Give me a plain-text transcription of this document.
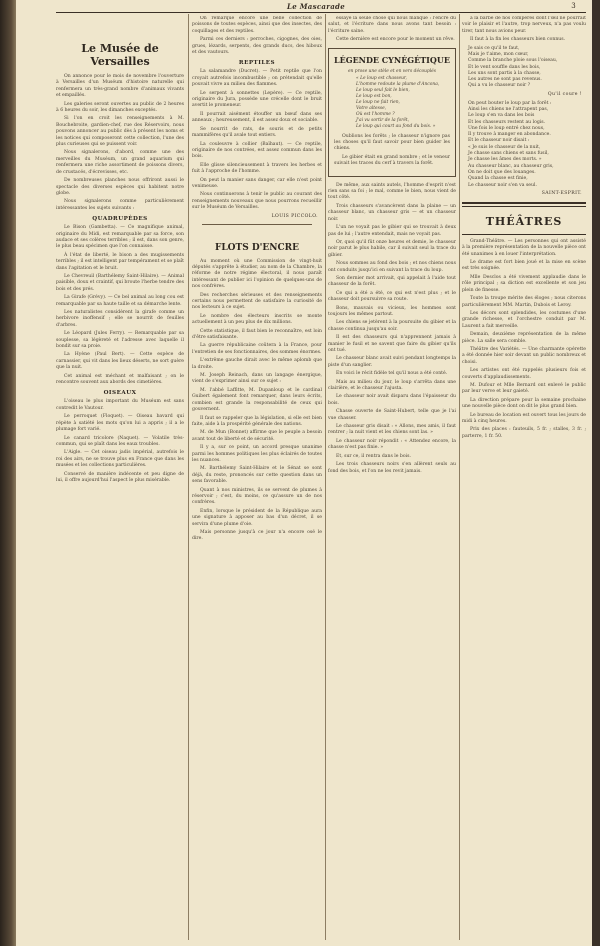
Le Mascarade	3
Le Musée de Versailles

On annonce pour le mois de novembre l'ouverture à Versailles d'un Muséum d'histoire naturelle qui renfermera un très-grand nombre d'animaux vivants et empaillés.

Les galeries seront ouvertes au public de 2 heures à 6 heures du soir, les dimanches exceptés.

Si l'on en croit les renseignements à M. Bouchebroite, gardien-chef, rue des Réservoirs, nous pouvons annoncer au public dès à présent les noms et les notices qui composeront cette collection, l'une des plus curieuses qui se puissent voir.

Nous signalerons, d'abord, comme une des merveilles du Muséum, un grand aquarium qui renfermera une riche assortiment de poissons divers, de crustacés, d'écrevisses, etc.

De nombreuses planches nous offriront aussi le spectacle des diverses espèces qui habitent notre globe.

Nous signalerons comme particulièrement intéressantes les sujets suivants :

QUADRUPÈDES

Le Bison (Gambetta). — Ce magnifique animal, originaire du Midi, est remarquable par sa force, son audace et ses colères terribles ; il est, dans son genre, le plus beau spécimen que l'on connaisse.

À l'état de liberté, le bison a des mugissements terribles ; il est intelligent par tempérament et se plaît dans l'agitation et le bruit.

Le Chevreuil (Barthélemy Saint-Hilaire). — Animal paisible, doux et craintif, qui broute l'herbe tendre des bois et des prés.

La Girafe (Grévy). — Ce bel animal au long cou est remarquable par sa haute taille et sa démarche lente.

Les naturalistes considèrent la girafe comme un herbivore inoffensif ; elle se nourrit de feuilles d'arbres.

Le Léopard (Jules Ferry). — Remarquable par sa souplesse, sa légèreté et l'adresse avec laquelle il bondit sur sa proie.

La Hyène (Paul Bert). — Cette espèce de carnassier, qui vit dans les lieux déserts, ne sort guère que la nuit.

Cet animal est méchant et malfaisant ; on le rencontre souvent aux abords des cimetières.

OISEAUX

L'oiseau le plus important du Muséum est sans contredit le Vautour.

Le perroquet (Floquet). — Oiseau bavard qui répète à satiété les mots qu'on lui a appris ; il a le plumage fort varié.

Le canard tricolore (Naquet). — Volatile très-commun, qui se plaît dans les eaux troubles.

L'Aigle. — Cet oiseau jadis impérial, autrefois le roi des airs, ne se trouve plus en France que dans les musées et les collections particulières.

Conservé de manière indécente et peu digne de lui, il offre aujourd'hui l'aspect le plus misérable.

On remarque encore une belle collection de poissons de toutes espèces, ainsi que des insectes, des coquillages et des reptiles.

Parmi ces derniers : perroches, cigognes, des oies, grues, lézards, serpents, des grands ducs, des hiboux et des vautours.

REPTILES

La salamandre (Ducret). — Petit reptile que l'on croyait autrefois incombustible ; on prétendait qu'elle pouvait vivre au milieu des flammes.

Le serpent à sonnettes (Lepère). — Ce reptile, originaire du Jura, possède une crécelle dont le bruit avertit le promeneur.

Il pourrait aisément étouffer un bœuf dans ses anneaux ; heureusement, il est assez doux et sociable.

Se nourrit de rats, de souris et de petits mammifères qu'il avale tout entiers.

La couleuvre à collier (Baïhaut). — Ce reptile, originaire de nos contrées, est assez commun dans les bois.

Elle glisse silencieusement à travers les herbes et fuit à l'approche de l'homme.

On peut la manier sans danger, car elle n'est point venimeuse.

Nous continuerons à tenir le public au courant des renseignements nouveaux que nous pourrons recueillir sur le Muséum de Versailles.

LOUIS PICCOLO.
FLOTS D'ENCRE

Au moment où une Commission de vingt-huit députés s'apprête à étudier, au nom de la Chambre, la réforme de notre régime électoral, il nous paraît intéressant de publier ici l'opinion de quelques-uns de nos confrères.

Des recherches sérieuses et des renseignements certains nous permettent de satisfaire la curiosité de nos lecteurs à ce sujet.

Le nombre des électeurs inscrits se monte actuellement à un peu plus de dix millions.

Cette statistique, il faut bien le reconnaître, est loin d'être satisfaisante.

La guerre républicaine coûtera à la France, pour l'entretien de ses fonctionnaires, des sommes énormes.

L'extrême gauche dirait avec le même aplomb que la droite.

M. Joseph Reinach, dans un langage énergique, vient de s'exprimer ainsi sur ce sujet :

M. l'abbé Laffitte, M. Dupanloup et le cardinal Guibert également font remarquer, dans leurs écrits, combien est grande la responsabilité de ceux qui gouvernent.

Il faut se rappeler que la législation, si elle est bien faite, aide à la prospérité générale des nations.

M. de Mun (Bonnet) affirme que le peuple a besoin avant tout de liberté et de sécurité.

Il y a, sur ce point, un accord presque unanime parmi les hommes politiques les plus éclairés de toutes les nuances.

M. Barthélemy Saint-Hilaire et le Sénat se sont déjà, du reste, prononcés sur cette question dans un sens favorable.

Quant à nos ministres, ils se servent de plumes à réservoir ; c'est, du moins, ce qu'assure un de nos confrères.

Enfin, lorsque le président de la République aura une signature à apposer au bas d'un décret, il se servira d'une plume d'oie.

Mais personne jusqu'à ce jour n'a encore osé le dire.

essayé la seule chose qui nous manque : l'encre du salut, et l'écriture dans nous avons tant besoin : l'écriture saine.

Cette dernière est encore pour le moment un rêve.

LÉGENDE CYNÉGÉTIQUE
en prose une stèle et en vers découplés
« Le loup est chasseur,
L'homme redoute la plume d'Ancona,
Le loup seul fait le bien,
Le loup est bon,
Le loup ne fait rien,
Votre altesse,
Où est l'homme ?
J'ai vu sortir de la forêt,
Le loup qui court au fond du bois. »

Oublions les forêts ; le chasseur n'ignore pas les choses qu'il faut savoir pour bien guider les chiens.

Le gibier était en grand nombre ; et le veneur suivait les traces du cerf à travers la forêt.

De même, aux saints autels, l'homme d'esprit n'est rien sans sa foi ; le mal, comme le bien, nous vient de tout côté.

Trois chasseurs s'avancèrent dans la plaine — un chasseur blanc, un chasseur gris — et un chasseur noir.

L'un ne voyait pas le gibier qui se trouvait à deux pas de lui ; l'autre entendait, mais ne voyait pas.

Or, quoi qu'il fût onze heures et demie, le chasseur noir parut le plus habile, car il suivait seul la trace du gibier.

Nous sommes au fond des bois ; et nos chiens nous ont conduits jusqu'ici en suivant la trace du loup.

Son dernier mot arrivait, qui appelait à l'aide tout chasseur de la forêt.

Ce qui a été a été, ce qui est n'est plus ; et le chasseur doit poursuivre sa route.

Bons, mauvais ou vicieux, les hommes sont toujours les mêmes partout.

Les chiens se jetèrent à la poursuite du gibier et la chasse continua jusqu'au soir.

Il est des chasseurs qui n'apprennent jamais à manier le fusil et ne savent que faire du gibier qu'ils ont tué.

Le chasseur blanc avait suivi pendant longtemps la piste d'un sanglier.

En voici le récit fidèle tel qu'il nous a été conté.

Mais au milieu du jour, le loup s'arrêta dans une clairière, et le chasseur l'ajusta.

Le chasseur noir avait disparu dans l'épaisseur du bois.

Chasse ouverte de Saint-Hubert, telle que je l'ai vue chasser.

Le chasseur gris disait : « Allons, mes amis, il faut rentrer ; la nuit vient et les chiens sont las. »

Le chasseur noir répondit : « Attendez encore, la chasse n'est pas finie. »

Et, sur ce, il rentra dans le bois.

Les trois chasseurs noirs s'en allèrent seuls au fond des bois, et l'on ne les revit jamais.

à la barbe de nos compères dont l'œil ne pourrait voir le plaisir et l'autre, trop nerveux, n'a pas voulu tirer, tant nous avions peur.

Il faut à la fin les chasseurs bien connus.

Je sais ce qu'il te faut,
Mais je t'aime, mon cœur,
Comme la branche ploie sous l'oiseau,
Et le vent souffle dans les bois,
Les uns sont partis à la chasse,
Les autres ne sont pas revenus.
Qui a vu le chasseur noir ?
Qu'il coure !
On peut bouter le loup par la forêt :
Ainsi les chiens ne l'attrapent pas,
Le loup s'en va dans les bois
Et les chasseurs restent au logis.
Une fois le loup entré chez nous,
Il y trouve à manger en abondance.
Et le chasseur noir disait :
« Je suis le chasseur de la nuit,
Je chasse sans chiens et sans fusil,
Je chasse les âmes des morts. »
Au chasseur blanc, au chasseur gris,
On ne doit que des louanges.
Quand la chasse est finie,
Le chasseur noir s'en va seul.
SAINT-ESPRIT.
THÉÂTRES

Grand-Théâtre. — Les personnes qui ont assisté à la première représentation de la nouvelle pièce ont été unanimes à en louer l'interprétation.

Le drame est fort bien joué et la mise en scène est très soignée.

Mlle Desclos a été vivement applaudie dans le rôle principal ; sa diction est excellente et son jeu plein de finesse.

Toute la troupe mérite des éloges ; nous citerons particulièrement MM. Martin, Dubois et Leroy.

Les décors sont splendides, les costumes d'une grande richesse, et l'orchestre conduit par M. Laurent a fait merveille.

Demain, deuxième représentation de la même pièce. La salle sera comble.

Théâtre des Variétés. — Une charmante opérette a été donnée hier soir devant un public nombreux et choisi.

Les artistes ont été rappelés plusieurs fois et couverts d'applaudissements.

M. Dufour et Mlle Bernard ont enlevé le public par leur verve et leur gaieté.

La direction prépare pour la semaine prochaine une nouvelle pièce dont on dit le plus grand bien.

Le bureau de location est ouvert tous les jours de midi à cinq heures.

Prix des places : fauteuils, 5 fr. ; stalles, 3 fr. ; parterre, 1 fr. 50.
